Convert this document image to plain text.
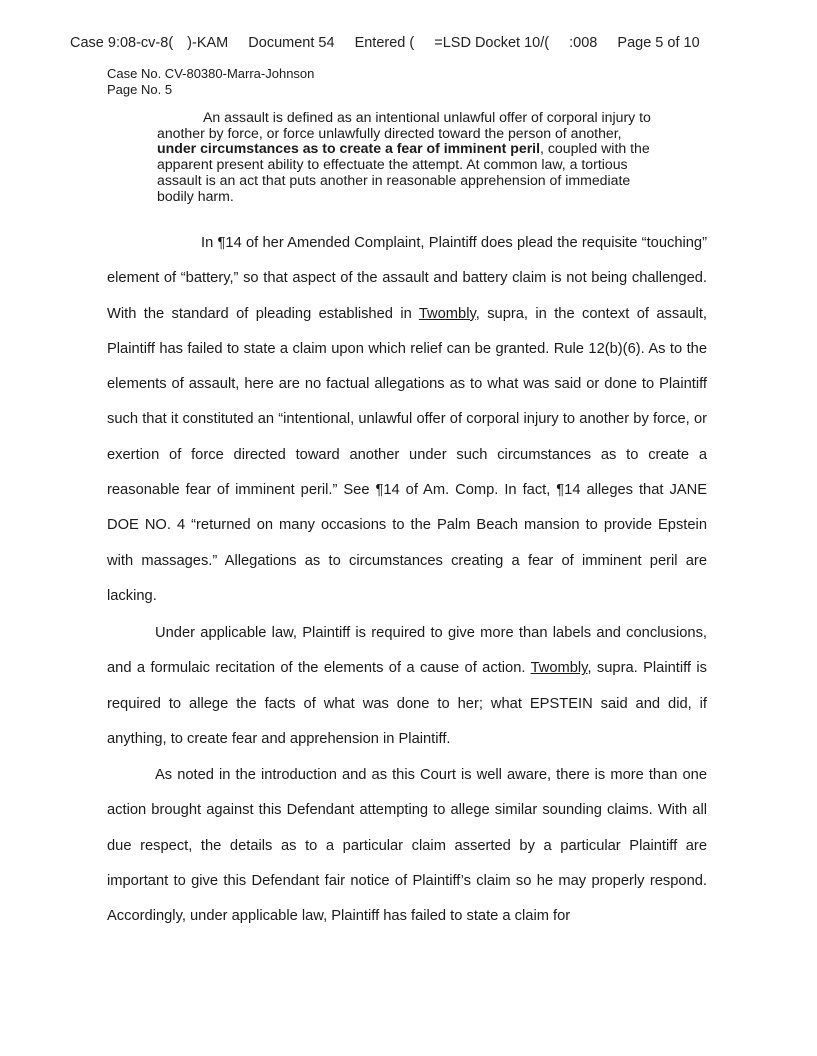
Case 9:08-cv-8( )-KAM Document 54 Entered ( =LSD Docket 10/( :008 Page 5 of 10
Case No. CV-80380-Marra-Johnson
Page No. 5

An assault is defined as an intentional unlawful offer of corporal injury to another by force, or force unlawfully directed toward the person of another, under circumstances as to create a fear of imminent peril, coupled with the apparent present ability to effectuate the attempt. At common law, a tortious assault is an act that puts another in reasonable apprehension of immediate bodily harm.

In ¶14 of her Amended Complaint, Plaintiff does plead the requisite “touching” element of “battery,” so that aspect of the assault and battery claim is not being challenged. With the standard of pleading established in Twombly, supra, in the context of assault, Plaintiff has failed to state a claim upon which relief can be granted. Rule 12(b)(6). As to the elements of assault, here are no factual allegations as to what was said or done to Plaintiff such that it constituted an “intentional, unlawful offer of corporal injury to another by force, or exertion of force directed toward another under such circumstances as to create a reasonable fear of imminent peril.” See ¶14 of Am. Comp. In fact, ¶14 alleges that JANE DOE NO. 4 “returned on many occasions to the Palm Beach mansion to provide Epstein with massages.” Allegations as to circumstances creating a fear of imminent peril are lacking.

Under applicable law, Plaintiff is required to give more than labels and conclusions, and a formulaic recitation of the elements of a cause of action. Twombly, supra. Plaintiff is required to allege the facts of what was done to her; what EPSTEIN said and did, if anything, to create fear and apprehension in Plaintiff.

As noted in the introduction and as this Court is well aware, there is more than one action brought against this Defendant attempting to allege similar sounding claims. With all due respect, the details as to a particular claim asserted by a particular Plaintiff are important to give this Defendant fair notice of Plaintiff’s claim so he may properly respond. Accordingly, under applicable law, Plaintiff has failed to state a claim for
